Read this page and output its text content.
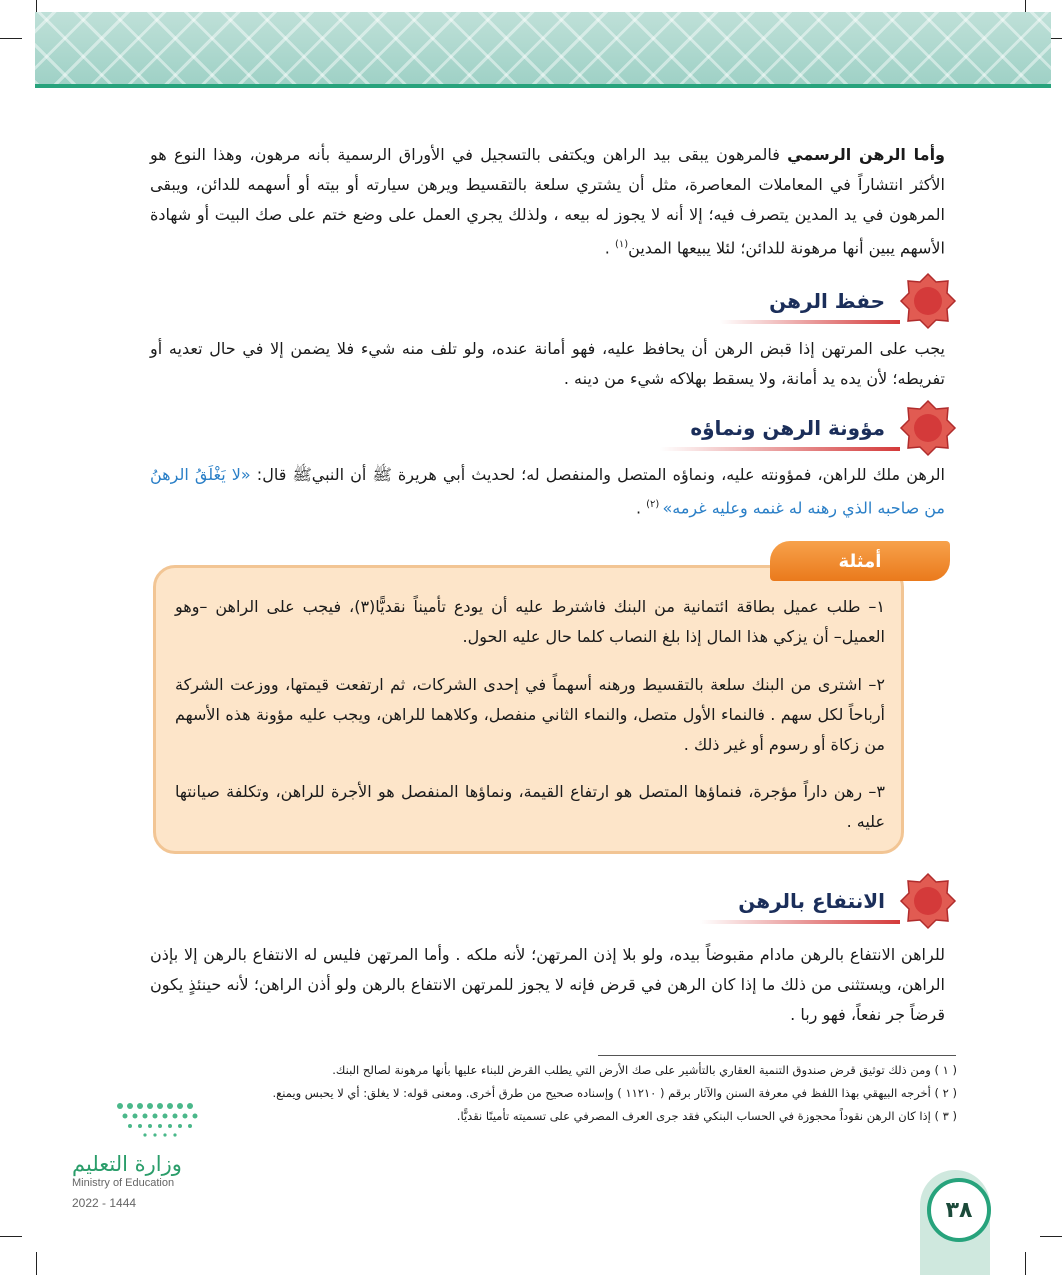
وأما الرهن الرسمي فالمرهون يبقى بيد الراهن ويكتفى بالتسجيل في الأوراق الرسمية بأنه مرهون، وهذا النوع هو الأكثر انتشاراً في المعاملات المعاصرة، مثل أن يشتري سلعة بالتقسيط ويرهن سيارته أو بيته أو أسهمه للدائن، ويبقى المرهون في يد المدين يتصرف فيه؛ إلا أنه لا يجوز له بيعه ، ولذلك يجري العمل على وضع ختم على صك البيت أو شهادة الأسهم يبين أنها مرهونة للدائن؛ لئلا يبيعها المدين$^{(١)}$ .

حفظ الرهن

يجب على المرتهن إذا قبض الرهن أن يحافظ عليه، فهو أمانة عنده، ولو تلف منه شيء فلا يضمن إلا في حال تعديه أو تفريطه؛ لأن يده يد أمانة، ولا يسقط بهلاكه شيء من دينه .

مؤونة الرهن ونماؤه

الرهن ملك للراهن، فمؤونته عليه، ونماؤه المتصل والمنفصل له؛ لحديث أبي هريرة ﷺ أن النبيﷺ قال: «لا يَغْلَقُ الرهنُ من صاحبه الذي رهنه له غنمه وعليه غرمه» $^{(٢)}$ .

أمثلة

١– طلب عميل بطاقة ائتمانية من البنك فاشترط عليه أن يودع تأميناً نقديًّا(٣)، فيجب على الراهن –وهو العميل– أن يزكي هذا المال إذا بلغ النصاب كلما حال عليه الحول.

٢– اشترى من البنك سلعة بالتقسيط ورهنه أسهماً في إحدى الشركات، ثم ارتفعت قيمتها، ووزعت الشركة أرباحاً لكل سهم . فالنماء الأول متصل، والنماء الثاني منفصل، وكلاهما للراهن، ويجب عليه مؤونة هذه الأسهم من زكاة أو رسوم أو غير ذلك .

٣– رهن داراً مؤجرة، فنماؤها المتصل هو ارتفاع القيمة، ونماؤها المنفصل هو الأجرة للراهن، وتكلفة صيانتها عليه .

الانتفاع بالرهن

للراهن الانتفاع بالرهن مادام مقبوضاً بيده، ولو بلا إذن المرتهن؛ لأنه ملكه . وأما المرتهن فليس له الانتفاع بالرهن إلا بإذن الراهن، ويستثنى من ذلك ما إذا كان الرهن في قرض فإنه لا يجوز للمرتهن الانتفاع بالرهن ولو أذن الراهن؛ لأنه حينئذٍ يكون قرضاً جر نفعاً، فهو ربا .

( ١ ) ومن ذلك توثيق قرض صندوق التنمية العقاري بالتأشير على صك الأرض التي يطلب القرض للبناء عليها بأنها مرهونة لصالح البنك.

( ٢ ) أخرجه البيهقي بهذا اللفظ في معرفة السنن والآثار برقم ( ١١٢١٠ ) وإسناده صحيح من طرق أخرى. ومعنى قوله: لا يغلق: أي لا يحبس ويمنع.

( ٣ ) إذا كان الرهن نقوداً محجوزة في الحساب البنكي فقد جرى العرف المصرفي على تسميته تأمينًا نقديًّا.

وزارة التعليم
Ministry of Education
2022 - 1444	٣٨
